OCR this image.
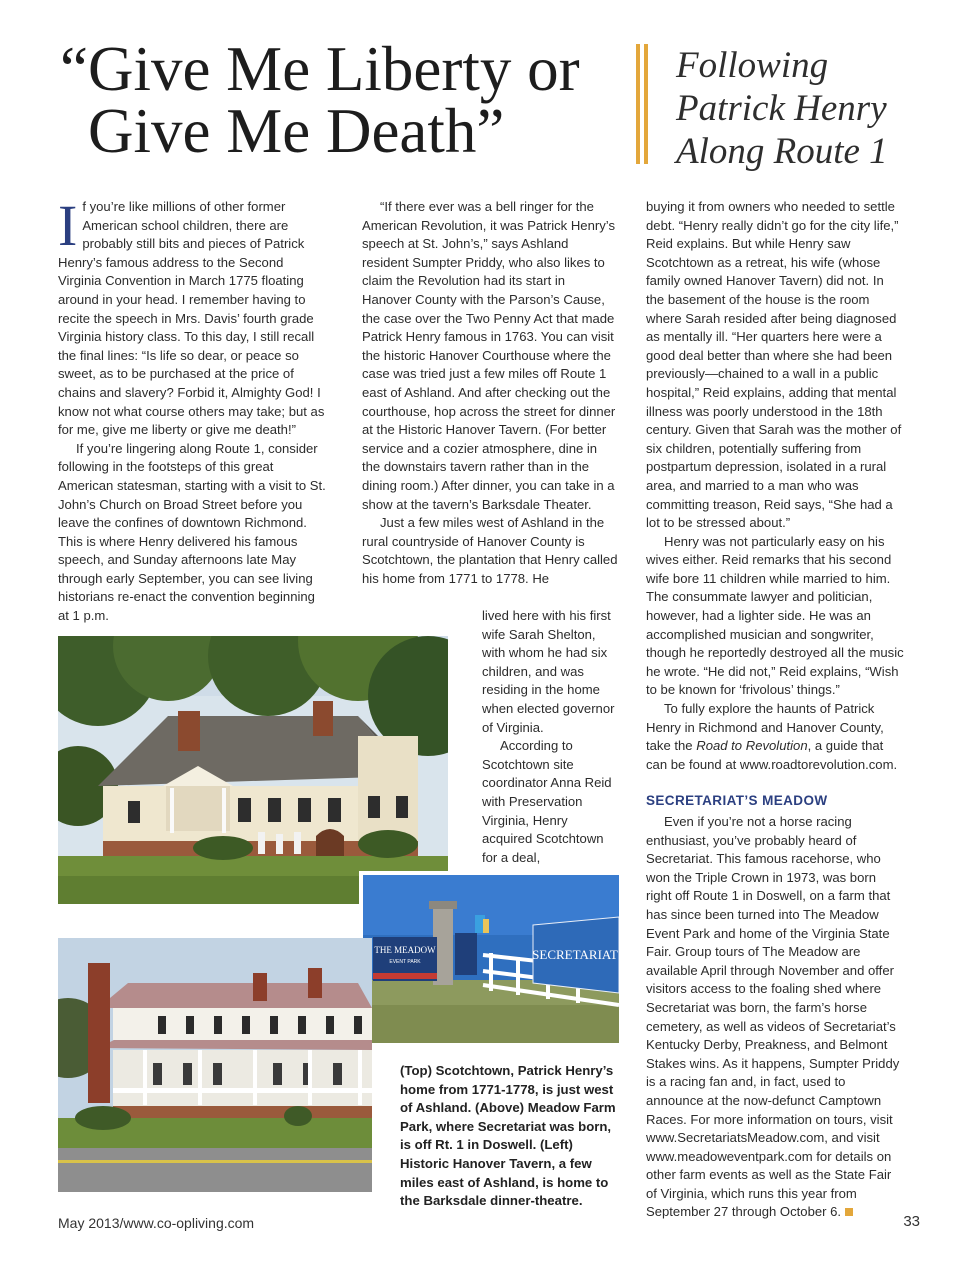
“Give Me Liberty or
Give Me Death”
Following
Patrick Henry
Along Route 1

If you’re like millions of other former American school children, there are probably still bits and pieces of Patrick Henry’s famous address to the Second Virginia Convention in March 1775 floating around in your head. I remember having to recite the speech in Mrs. Davis’ fourth grade Virginia history class. To this day, I still recall the final lines: “Is life so dear, or peace so sweet, as to be purchased at the price of chains and slavery? Forbid it, Almighty God! I know not what course others may take; but as for me, give me liberty or give me death!”

If you’re lingering along Route 1, consider following in the footsteps of this great American statesman, starting with a visit to St. John’s Church on Broad Street before you leave the confines of downtown Richmond. This is where Henry delivered his famous speech, and Sunday afternoons late May through early September, you can see living historians re-enact the convention beginning at 1 p.m.

“If there ever was a bell ringer for the American Revolution, it was Patrick Henry’s speech at St. John’s,” says Ashland resident Sumpter Priddy, who also likes to claim the Revolution had its start in Hanover County with the Parson’s Cause, the case over the Two Penny Act that made Patrick Henry famous in 1763. You can visit the historic Hanover Courthouse where the case was tried just a few miles off Route 1 east of Ashland. And after checking out the courthouse, hop across the street for dinner at the Historic Hanover Tavern. (For better service and a cozier atmosphere, dine in the downstairs tavern rather than in the dining room.) After dinner, you can take in a show at the tavern’s Barksdale Theater.

Just a few miles west of Ashland in the rural countryside of Hanover County is Scotchtown, the plantation that Henry called his home from 1771 to 1778. He

lived here with his first wife Sarah Shelton, with whom he had six children, and was residing in the home when elected governor of Virginia.

According to Scotchtown site coordinator Anna Reid with Preservation Virginia, Henry acquired Scotchtown for a deal,

buying it from owners who needed to settle debt. “Henry really didn’t go for the city life,” Reid explains. But while Henry saw Scotchtown as a retreat, his wife (whose family owned Hanover Tavern) did not. In the basement of the house is the room where Sarah resided after being diagnosed as mentally ill. “Her quarters here were a good deal better than where she had been previously—chained to a wall in a public hospital,” Reid explains, adding that mental illness was poorly understood in the 18th century. Given that Sarah was the mother of six children, potentially suffering from postpartum depression, isolated in a rural area, and married to a man who was committing treason, Reid says, “She had a lot to be stressed about.”

Henry was not particularly easy on his wives either. Reid remarks that his second wife bore 11 children while married to him. The consummate lawyer and politician, however, had a lighter side. He was an accomplished musician and songwriter, though he reportedly destroyed all the music he wrote. “He did not,” Reid explains, “Wish to be known for ‘frivolous’ things.”

To fully explore the haunts of Patrick Henry in Richmond and Hanover County, take the Road to Revolution, a guide that can be found at www.roadtorevolution.com.

SECRETARIAT’S MEADOW

Even if you’re not a horse racing enthusiast, you’ve probably heard of Secretariat. This famous racehorse, who won the Triple Crown in 1973, was born right off Route 1 in Doswell, on a farm that has since been turned into The Meadow Event Park and home of the Virginia State Fair. Group tours of The Meadow are available April through November and offer visitors access to the foaling shed where Secretariat was born, the farm’s horse cemetery, as well as videos of Secretariat’s Kentucky Derby, Preakness, and Belmont Stakes wins. As it happens, Sumpter Priddy is a racing fan and, in fact, used to announce at the now-defunct Camptown Races. For more information on tours, visit www.SecretariatsMeadow.com, and visit www.meadoweventpark.com for details on other farm events as well as the State Fair of Virginia, which runs this year from September 27 through October 6.

THE MEADOW
EVENT PARK	SECRETARIAT
(Top) Scotchtown, Patrick Henry’s home from 1771-1778, is just west of Ashland. (Above) Meadow Farm Park, where Secretariat was born, is off Rt. 1 in Doswell. (Left) Historic Hanover Tavern, a few miles east of Ashland, is home to the Barksdale dinner-theatre.
May 2013/www.co-opliving.com	33
